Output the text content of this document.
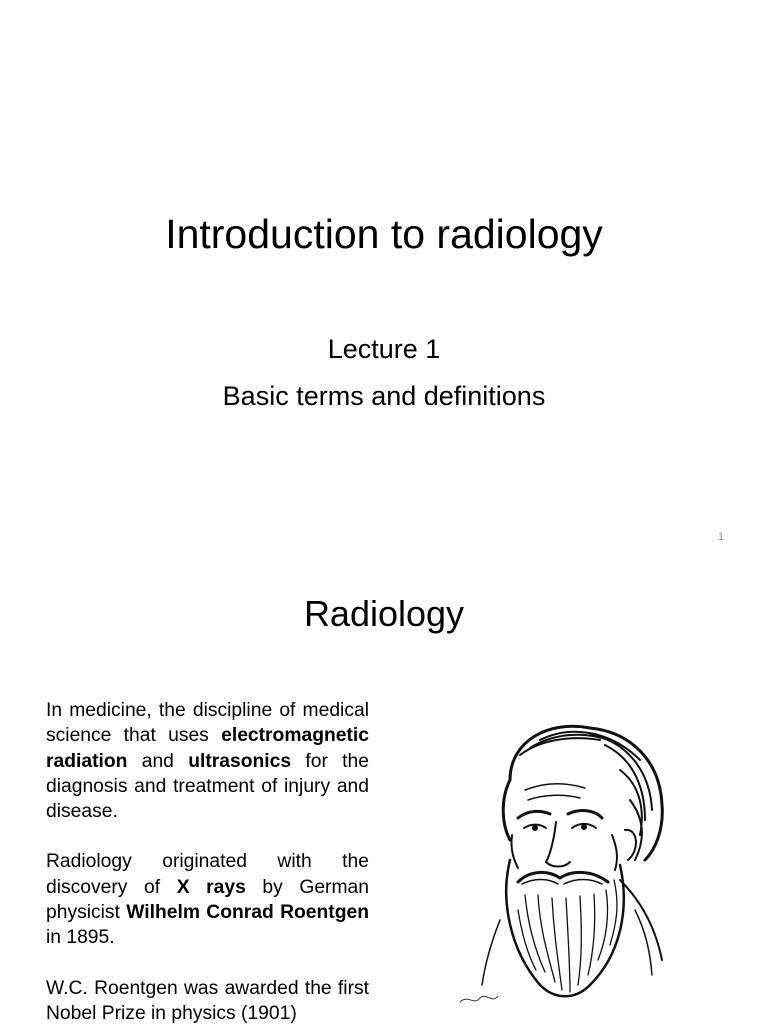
Introduction to radiology
Lecture 1
Basic terms and definitions
1
Radiology

In medicine, the discipline of medical science that uses electromagnetic radiation and ultrasonics for the diagnosis and treatment of injury and disease.

Radiology originated with the discovery of X rays by German physicist Wilhelm Conrad Roentgen in 1895.

W.C. Roentgen was awarded the first Nobel Prize in physics (1901)
